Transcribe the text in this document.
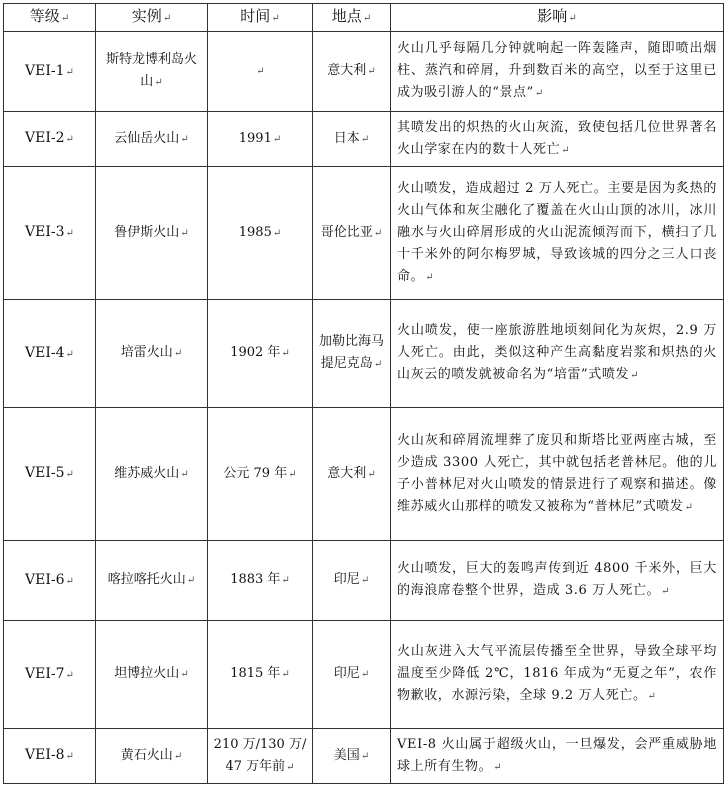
等级↵	实例↵	时间↵	地点↵	影响↵
VEI-1↵	斯特龙博利岛火山↵	↵	意大利↵	火山几乎每隔几分钟就响起一阵轰隆声，随即喷出烟柱、蒸汽和碎屑，升到数百米的高空，以至于这里已成为吸引游人的“景点”↵
VEI-2↵	云仙岳火山↵	1991↵	日本↵	其喷发出的炽热的火山灰流，致使包括几位世界著名火山学家在内的数十人死亡↵
VEI-3↵	鲁伊斯火山↵	1985↵	哥伦比亚↵	火山喷发，造成超过 2 万人死亡。主要是因为炙热的火山气体和灰尘融化了覆盖在火山山顶的冰川，冰川融水与火山碎屑形成的火山泥流倾泻而下，横扫了几十千米外的阿尔梅罗城，导致该城的四分之三人口丧命。↵
VEI-4↵	培雷火山↵	1902 年↵	加勒比海马提尼克岛↵	火山喷发，使一座旅游胜地顷刻间化为灰烬，2.9 万人死亡。由此，类似这种产生高黏度岩浆和炽热的火山灰云的喷发就被命名为“培雷”式喷发↵
VEI-5↵	维苏威火山↵	公元 79 年↵	意大利↵	火山灰和碎屑流埋葬了庞贝和斯塔比亚两座古城，至少造成 3300 人死亡，其中就包括老普林尼。他的儿子小普林尼对火山喷发的情景进行了观察和描述。像维苏威火山那样的喷发又被称为“普林尼”式喷发↵
VEI-6↵	喀拉喀托火山↵	1883 年↵	印尼↵	火山喷发，巨大的轰鸣声传到近 4800 千米外，巨大的海浪席卷整个世界，造成 3.6 万人死亡。↵
VEI-7↵	坦博拉火山↵	1815 年↵	印尼↵	火山灰进入大气平流层传播至全世界，导致全球平均温度至少降低 2℃，1816 年成为“无夏之年”，农作物歉收，水源污染，全球 9.2 万人死亡。↵
VEI-8↵	黄石火山↵	210 万/130 万/47 万年前↵	美国↵	VEI-8 火山属于超级火山，一旦爆发，会严重威胁地球上所有生物。↵
